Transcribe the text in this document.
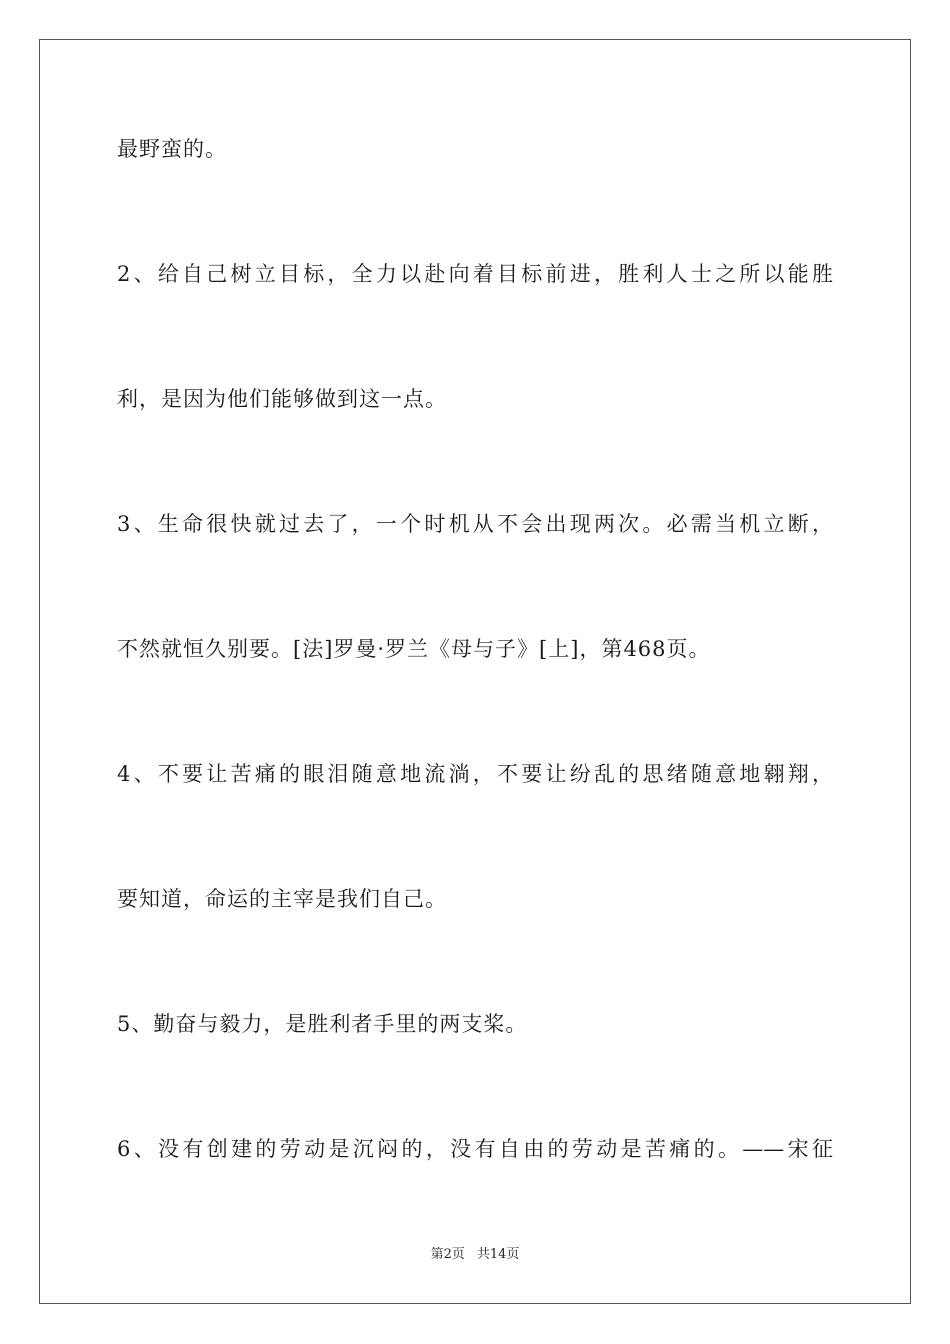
最野蛮的。
2、给自己树立目标，全力以赴向着目标前进，胜利人士之所以能胜
利，是因为他们能够做到这一点。
3、生命很快就过去了，一个时机从不会出现两次。必需当机立断，
不然就恒久别要。[法]罗曼·罗兰《母与子》[上]，第468页。
4、不要让苦痛的眼泪随意地流淌，不要让纷乱的思绪随意地翱翔，
要知道，命运的主宰是我们自己。
5、勤奋与毅力，是胜利者手里的两支桨。
6、没有创建的劳动是沉闷的，没有自由的劳动是苦痛的。——宋征
第2页 共14页
